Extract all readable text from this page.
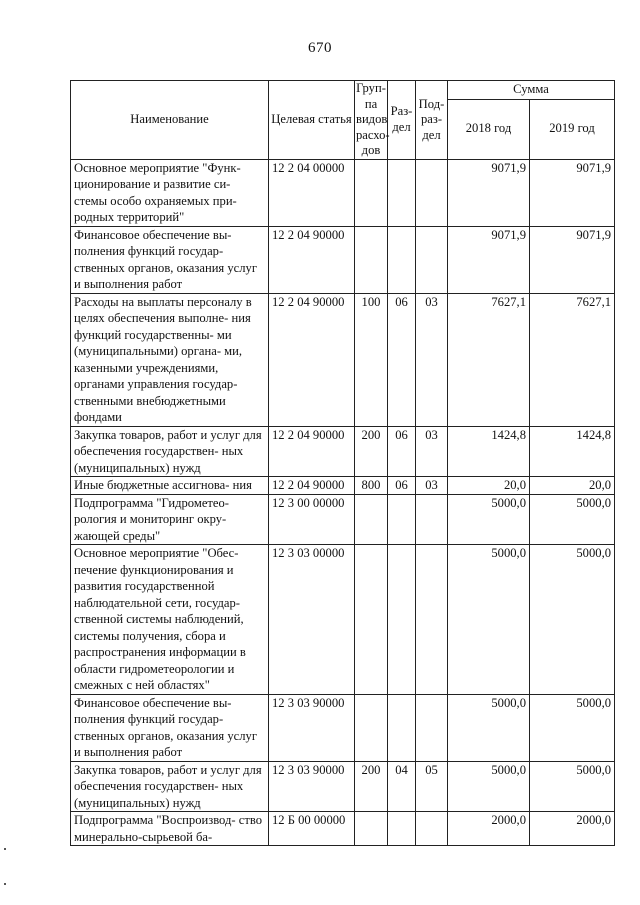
670
Наименование	Целевая статья	Груп- па видов расхо- дов	Раз- дел	Под- раз- дел	Сумма	
					2018 год	2019 год
Основное мероприятие "Функ- ционирование и развитие си- стемы особо охраняемых при- родных территорий"	12 2 04 00000				9071,9	9071,9
Финансовое обеспечение вы- полнения функций государ- ственных органов, оказания услуг и выполнения работ	12 2 04 90000				9071,9	9071,9
Расходы на выплаты персоналу в целях обеспечения выполне- ния функций государственны- ми (муниципальными) органа- ми, казенными учреждениями, органами управления государ- ственными внебюджетными фондами	12 2 04 90000	100	06	03	7627,1	7627,1
Закупка товаров, работ и услуг для обеспечения государствен- ных (муниципальных) нужд	12 2 04 90000	200	06	03	1424,8	1424,8
Иные бюджетные ассигнова- ния	12 2 04 90000	800	06	03	20,0	20,0
Подпрограмма "Гидрометео- рология и мониторинг окру- жающей среды"	12 3 00 00000				5000,0	5000,0
Основное мероприятие "Обес- печение функционирования и развития государственной наблюдательной сети, государ- ственной системы наблюдений, системы получения, сбора и распространения информации в области гидрометеорологии и смежных с ней областях"	12 3 03 00000				5000,0	5000,0
Финансовое обеспечение вы- полнения функций государ- ственных органов, оказания услуг и выполнения работ	12 3 03 90000				5000,0	5000,0
Закупка товаров, работ и услуг для обеспечения государствен- ных (муниципальных) нужд	12 3 03 90000	200	04	05	5000,0	5000,0
Подпрограмма "Воспроизвод- ство минерально-сырьевой ба-	12 Б 00 00000				2000,0	2000,0
